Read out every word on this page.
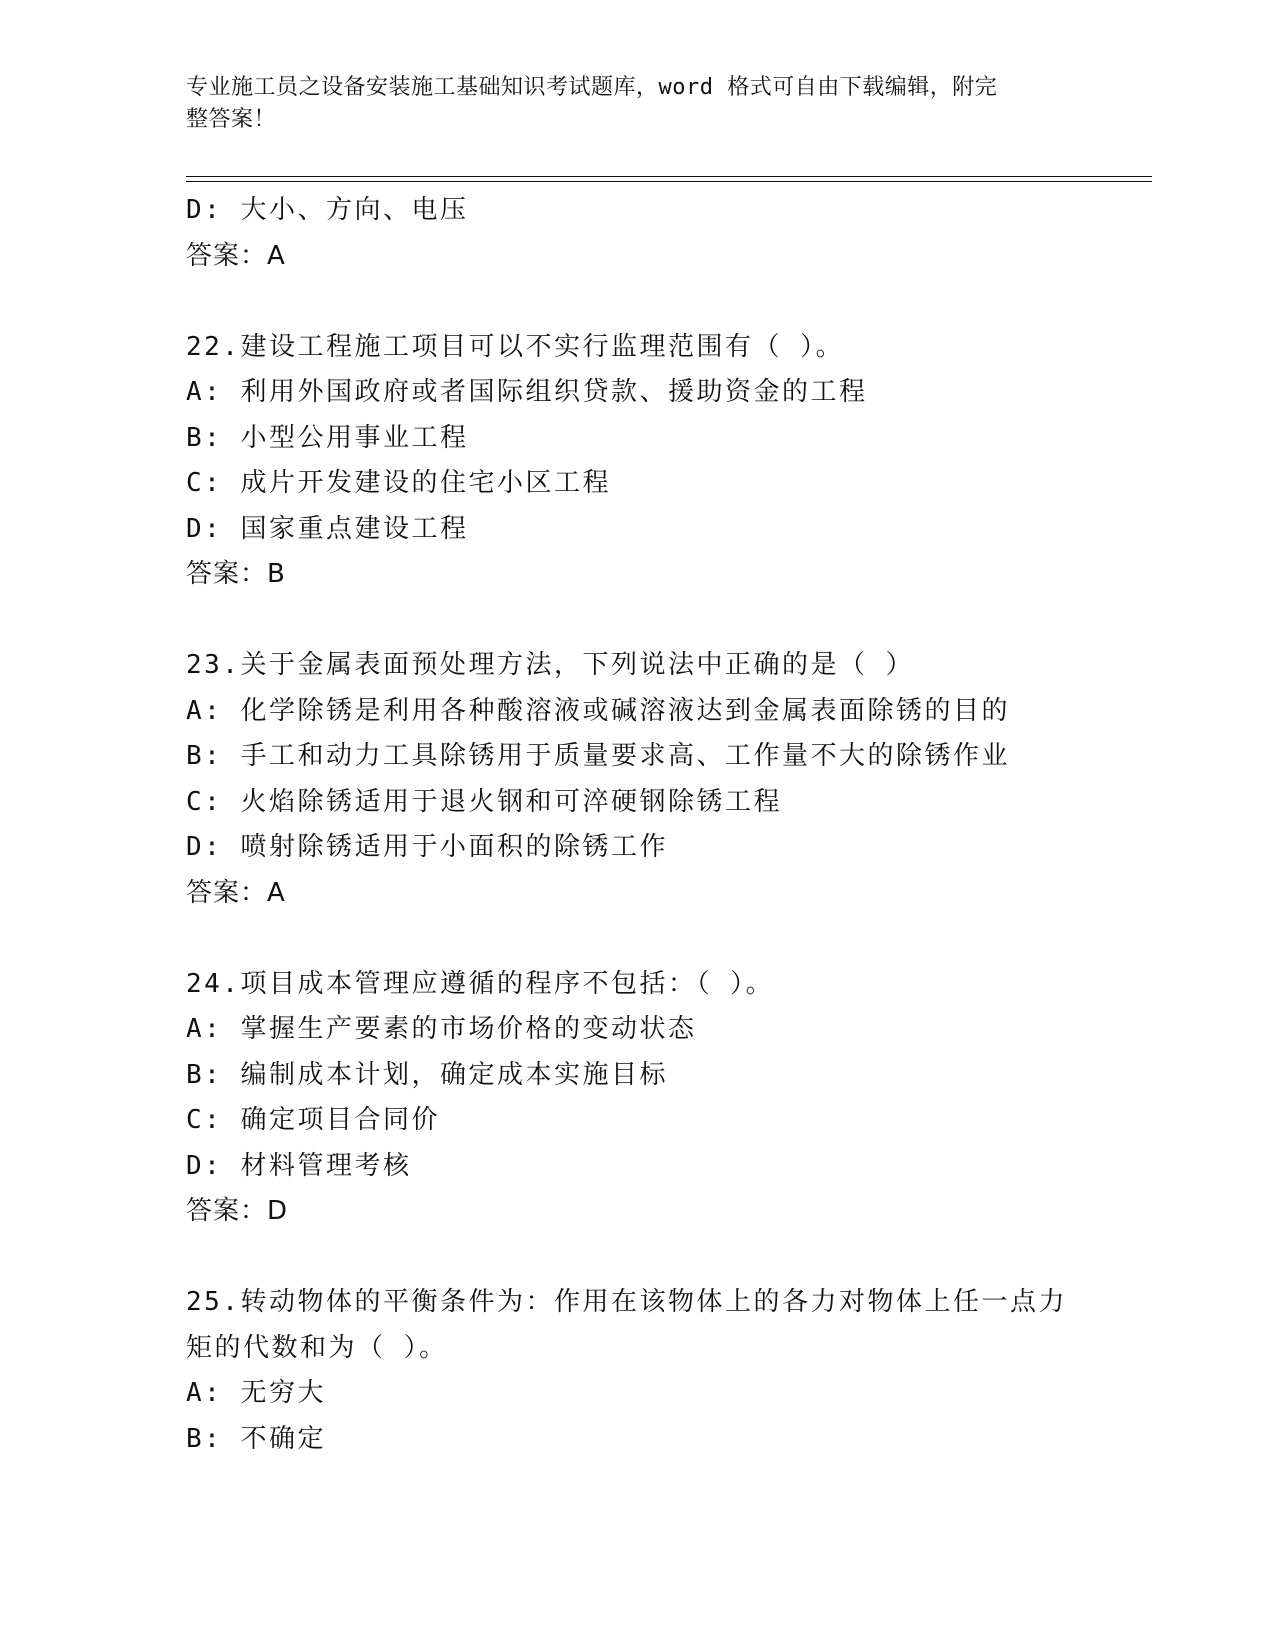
专业施工员之设备安装施工基础知识考试题库，word 格式可自由下载编辑，附完
整答案！
D: 大小、方向、电压
答案：A
22.建设工程施工项目可以不实行监理范围有（ ）。
A: 利用外国政府或者国际组织贷款、援助资金的工程
B: 小型公用事业工程
C: 成片开发建设的住宅小区工程
D: 国家重点建设工程
答案：B
23.关于金属表面预处理方法，下列说法中正确的是（ ）
A: 化学除锈是利用各种酸溶液或碱溶液达到金属表面除锈的目的
B: 手工和动力工具除锈用于质量要求高、工作量不大的除锈作业
C: 火焰除锈适用于退火钢和可淬硬钢除锈工程
D: 喷射除锈适用于小面积的除锈工作
答案：A
24.项目成本管理应遵循的程序不包括：（ ）。
A: 掌握生产要素的市场价格的变动状态
B: 编制成本计划，确定成本实施目标
C: 确定项目合同价
D: 材料管理考核
答案：D
25.转动物体的平衡条件为：作用在该物体上的各力对物体上任一点力
矩的代数和为（ ）。
A: 无穷大
B: 不确定
